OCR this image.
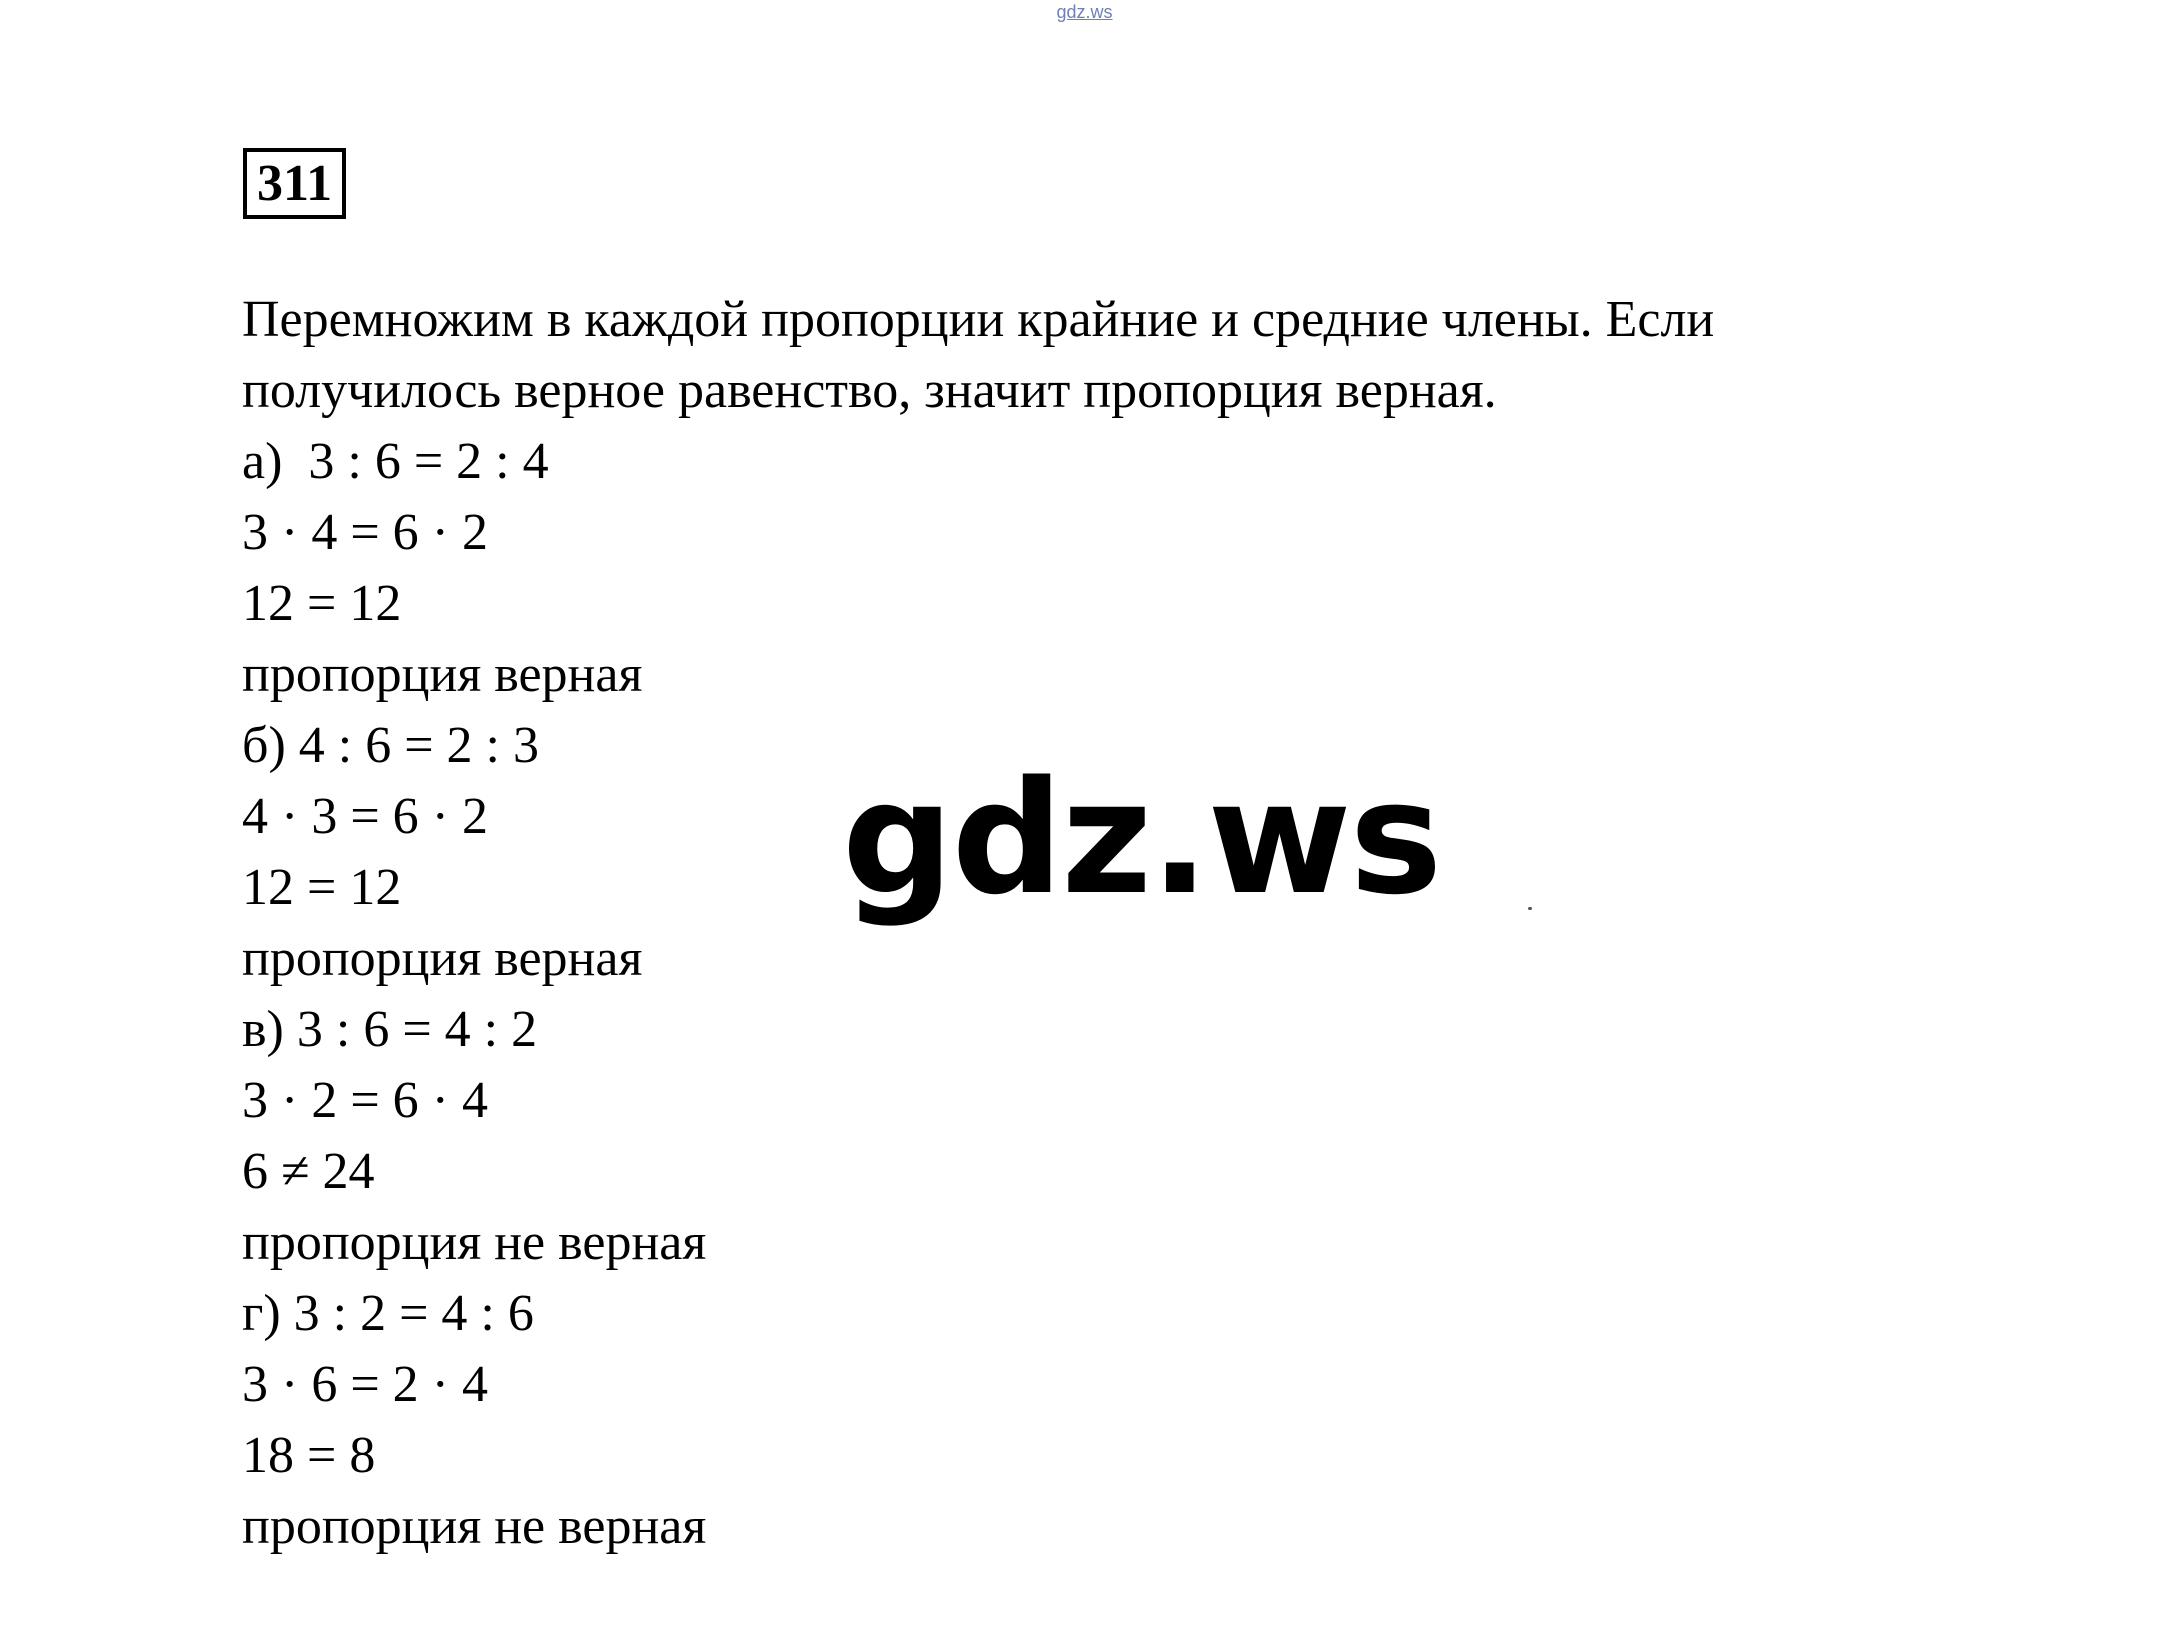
gdz.ws
311
Перемножим в каждой пропорции крайние и средние члены. Если
получилось верное равенство, значит пропорция верная.
а)  3 : 6 = 2 : 4
3 · 4 = 6 · 2
12 = 12
пропорция верная
б) 4 : 6 = 2 : 3
4 · 3 = 6 · 2
12 = 12
пропорция верная
в) 3 : 6 = 4 : 2
3 · 2 = 6 · 4
6 ≠ 24
пропорция не верная
г) 3 : 2 = 4 : 6
3 · 6 = 2 · 4
18 = 8
пропорция не верная
gdz.ws
